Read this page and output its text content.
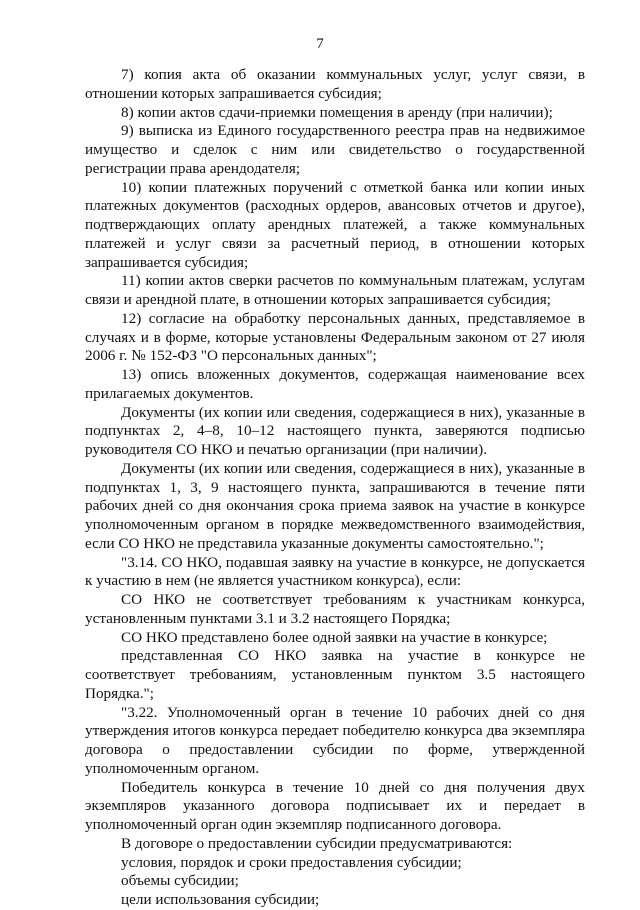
7

7) копия акта об оказании коммунальных услуг, услуг связи, в отношении которых запрашивается субсидия;

8) копии актов сдачи-приемки помещения в аренду (при наличии);

9) выписка из Единого государственного реестра прав на недвижимое имущество и сделок с ним или свидетельство о государственной регистрации права арендодателя;

10) копии платежных поручений с отметкой банка или копии иных платежных документов (расходных ордеров, авансовых отчетов и другое), подтверждающих оплату арендных платежей, а также коммунальных платежей и услуг связи за расчетный период, в отношении которых запрашивается субсидия;

11) копии актов сверки расчетов по коммунальным платежам, услугам связи и арендной плате, в отношении которых запрашивается субсидия;

12) согласие на обработку персональных данных, представляемое в случаях и в форме, которые установлены Федеральным законом от 27 июля 2006 г. № 152-ФЗ "О персональных данных";

13) опись вложенных документов, содержащая наименование всех прилагаемых документов.

Документы (их копии или сведения, содержащиеся в них), указанные в подпунктах 2, 4–8, 10–12 настоящего пункта, заверяются подписью руководителя СО НКО и печатью организации (при наличии).

Документы (их копии или сведения, содержащиеся в них), указанные в подпунктах 1, 3, 9 настоящего пункта, запрашиваются в течение пяти рабочих дней со дня окончания срока приема заявок на участие в конкурсе уполномоченным органом в порядке межведомственного взаимодействия, если СО НКО не представила указанные документы самостоятельно.";

"3.14. СО НКО, подавшая заявку на участие в конкурсе, не допускается к участию в нем (не является участником конкурса), если:

СО НКО не соответствует требованиям к участникам конкурса, установленным пунктами 3.1 и 3.2 настоящего Порядка;

СО НКО представлено более одной заявки на участие в конкурсе;

представленная СО НКО заявка на участие в конкурсе не соответствует требованиям, установленным пунктом 3.5 настоящего Порядка.";

"3.22. Уполномоченный орган в течение 10 рабочих дней со дня утверждения итогов конкурса передает победителю конкурса два экземпляра договора о предоставлении субсидии по форме, утвержденной уполномоченным органом.

Победитель конкурса в течение 10 дней со дня получения двух экземпляров указанного договора подписывает их и передает в уполномоченный орган один экземпляр подписанного договора.

В договоре о предоставлении субсидии предусматриваются:

условия, порядок и сроки предоставления субсидии;

объемы субсидии;

цели использования субсидии;
